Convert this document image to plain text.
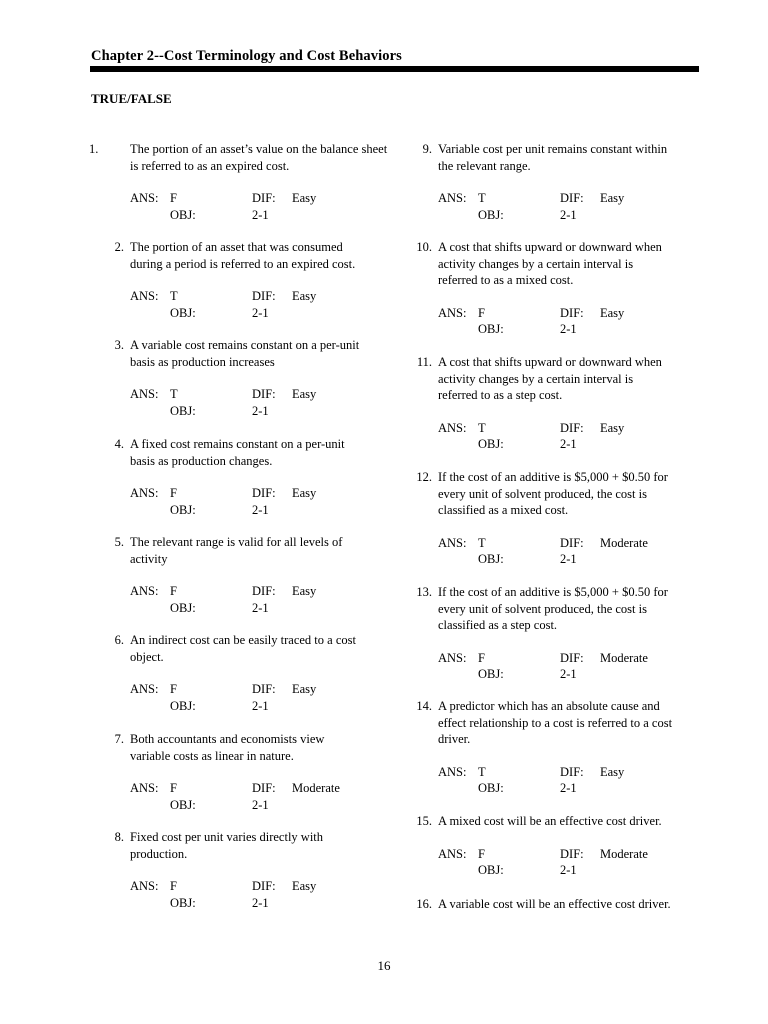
Chapter 2--Cost Terminology and Cost Behaviors
TRUE/FALSE
1.	The portion of an asset’s value on the balance sheet
is referred to as an expired cost.
ANS: F	DIF: Easy
OBJ:	2-1
2. The portion of an asset that was consumed
during a period is referred to an expired cost.
ANS: T	DIF: Easy
OBJ:	2-1
3. A variable cost remains constant on a per-unit
basis as production increases
ANS: T	DIF: Easy
OBJ:	2-1
4. A fixed cost remains constant on a per-unit
basis as production changes.
ANS: F	DIF: Easy
OBJ:	2-1
5. The relevant range is valid for all levels of
activity
ANS: F	DIF: Easy
OBJ:	2-1
6. An indirect cost can be easily traced to a cost
object.
ANS: F	DIF: Easy
OBJ:	2-1
7. Both accountants and economists view
variable costs as linear in nature.
ANS: F	DIF: Moderate
OBJ:	2-1
8. Fixed cost per unit varies directly with
production.
ANS: F	DIF: Easy
OBJ:	2-1
9. Variable cost per unit remains constant within
the relevant range.
ANS: T	DIF: Easy
OBJ:	2-1
10. A cost that shifts upward or downward when
activity changes by a certain interval is
referred to as a mixed cost.
ANS: F	DIF: Easy
OBJ:	2-1
11. A cost that shifts upward or downward when
activity changes by a certain interval is
referred to as a step cost.
ANS: T	DIF: Easy
OBJ:	2-1
12. If the cost of an additive is $5,000 + $0.50 for
every unit of solvent produced, the cost is
classified as a mixed cost.
ANS: T	DIF: Moderate
OBJ:	2-1
13. If the cost of an additive is $5,000 + $0.50 for
every unit of solvent produced, the cost is
classified as a step cost.
ANS: F	DIF: Moderate
OBJ:	2-1
14. A predictor which has an absolute cause and
effect relationship to a cost is referred to a cost
driver.
ANS: T	DIF: Easy
OBJ:	2-1
15. A mixed cost will be an effective cost driver.
ANS: F	DIF: Moderate
OBJ:	2-1
16. A variable cost will be an effective cost driver.
16
